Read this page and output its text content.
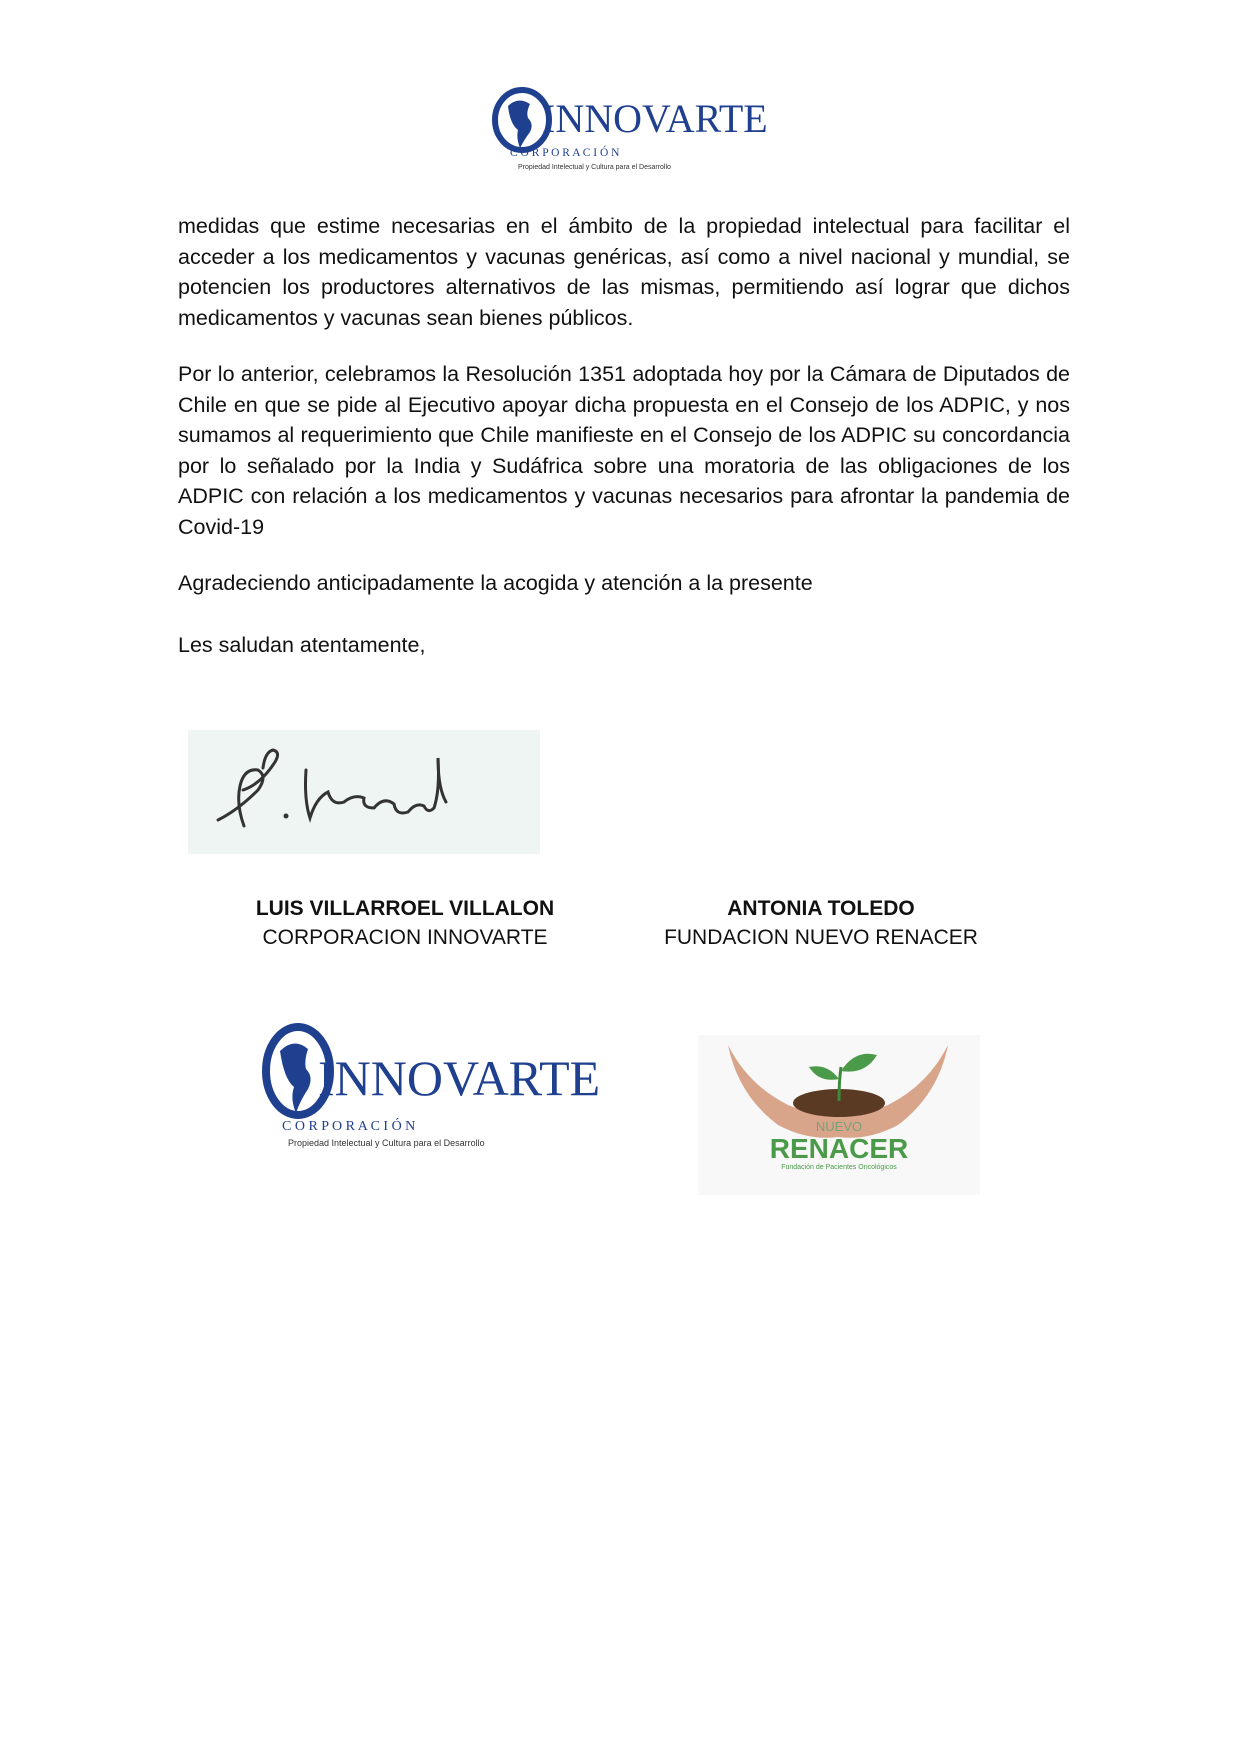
INNOVARTE
C O R P O R A C I Ó N
Propiedad Intelectual y Cultura para el Desarrollo
medidas que estime necesarias en el ámbito de la propiedad intelectual para facilitar el acceder a los medicamentos y vacunas genéricas, así como a nivel nacional y mundial, se potencien los productores alternativos de las mismas, permitiendo así lograr que dichos medicamentos y vacunas sean bienes públicos.
Por lo anterior, celebramos la Resolución 1351 adoptada hoy por la Cámara de Diputados de Chile en que se pide al Ejecutivo apoyar dicha propuesta en el Consejo de los ADPIC, y nos sumamos al requerimiento que Chile manifieste en el Consejo de los ADPIC su concordancia por lo señalado por la India y Sudáfrica sobre una moratoria de las obligaciones de los ADPIC con relación a los medicamentos y vacunas necesarios para afrontar la pandemia de Covid-19
Agradeciendo anticipadamente la acogida y atención a la presente
Les saludan atentamente,
LUIS VILLARROEL VILLALON
CORPORACION INNOVARTE
ANTONIA TOLEDO
FUNDACION NUEVO RENACER
INNOVARTE
C O R P O R A C I Ó N
Propiedad Intelectual y Cultura para el Desarrollo
NUEVO
RENACER
Fundación de Pacientes Oncológicos
